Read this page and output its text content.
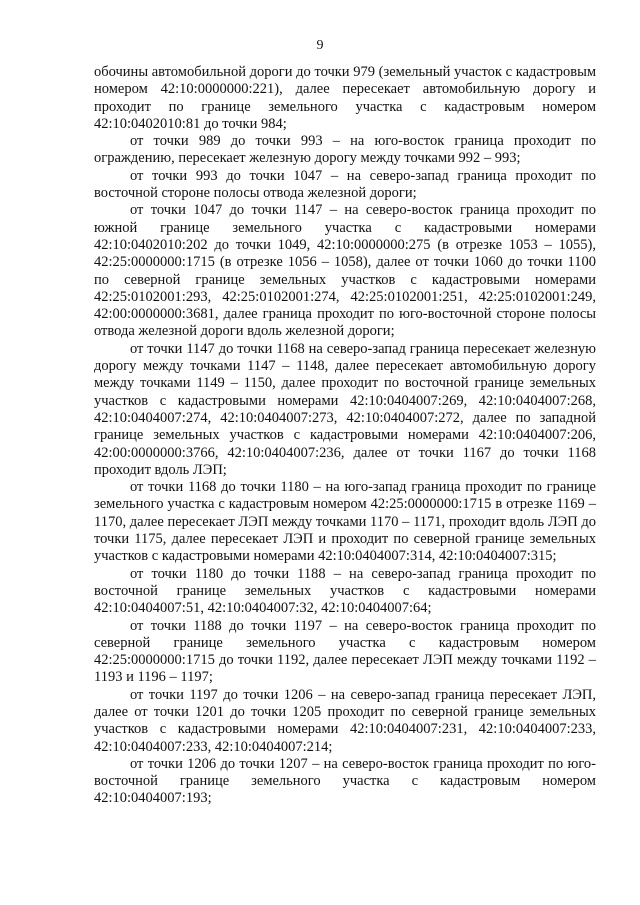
9

обочины автомобильной дороги до точки 979 (земельный участок с кадастровым номером 42:10:0000000:221), далее пересекает автомобильную дорогу и проходит по границе земельного участка с кадастровым номером 42:10:0402010:81 до точки 984;

от точки 989 до точки 993 – на юго-восток граница проходит по ограждению, пересекает железную дорогу между точками 992 – 993;

от точки 993 до точки 1047 – на северо-запад граница проходит по восточной стороне полосы отвода железной дороги;

от точки 1047 до точки 1147 – на северо-восток граница проходит по южной границе земельного участка с кадастровыми номерами 42:10:0402010:202 до точки 1049, 42:10:0000000:275 (в отрезке 1053 – 1055), 42:25:0000000:1715 (в отрезке 1056 – 1058), далее от точки 1060 до точки 1100 по северной границе земельных участков с кадастровыми номерами 42:25:0102001:293, 42:25:0102001:274, 42:25:0102001:251, 42:25:0102001:249, 42:00:0000000:3681, далее граница проходит по юго-восточной стороне полосы отвода железной дороги вдоль железной дороги;

от точки 1147 до точки 1168 на северо-запад граница пересекает железную дорогу между точками 1147 – 1148, далее пересекает автомобильную дорогу между точками 1149 – 1150, далее проходит по восточной границе земельных участков с кадастровыми номерами 42:10:0404007:269, 42:10:0404007:268, 42:10:0404007:274, 42:10:0404007:273, 42:10:0404007:272, далее по западной границе земельных участков с кадастровыми номерами 42:10:0404007:206, 42:00:0000000:3766, 42:10:0404007:236, далее от точки 1167 до точки 1168 проходит вдоль ЛЭП;

от точки 1168 до точки 1180 – на юго-запад граница проходит по границе земельного участка с кадастровым номером 42:25:0000000:1715 в отрезке 1169 – 1170, далее пересекает ЛЭП между точками 1170 – 1171, проходит вдоль ЛЭП до точки 1175, далее пересекает ЛЭП и проходит по северной границе земельных участков с кадастровыми номерами 42:10:0404007:314, 42:10:0404007:315;

от точки 1180 до точки 1188 – на северо-запад граница проходит по восточной границе земельных участков с кадастровыми номерами 42:10:0404007:51, 42:10:0404007:32, 42:10:0404007:64;

от точки 1188 до точки 1197 – на северо-восток граница проходит по северной границе земельного участка с кадастровым номером 42:25:0000000:1715 до точки 1192, далее пересекает ЛЭП между точками 1192 – 1193 и 1196 – 1197;

от точки 1197 до точки 1206 – на северо-запад граница пересекает ЛЭП, далее от точки 1201 до точки 1205 проходит по северной границе земельных участков с кадастровыми номерами 42:10:0404007:231, 42:10:0404007:233, 42:10:0404007:233, 42:10:0404007:214;

от точки 1206 до точки 1207 – на северо-восток граница проходит по юго-восточной границе земельного участка с кадастровым номером 42:10:0404007:193;
